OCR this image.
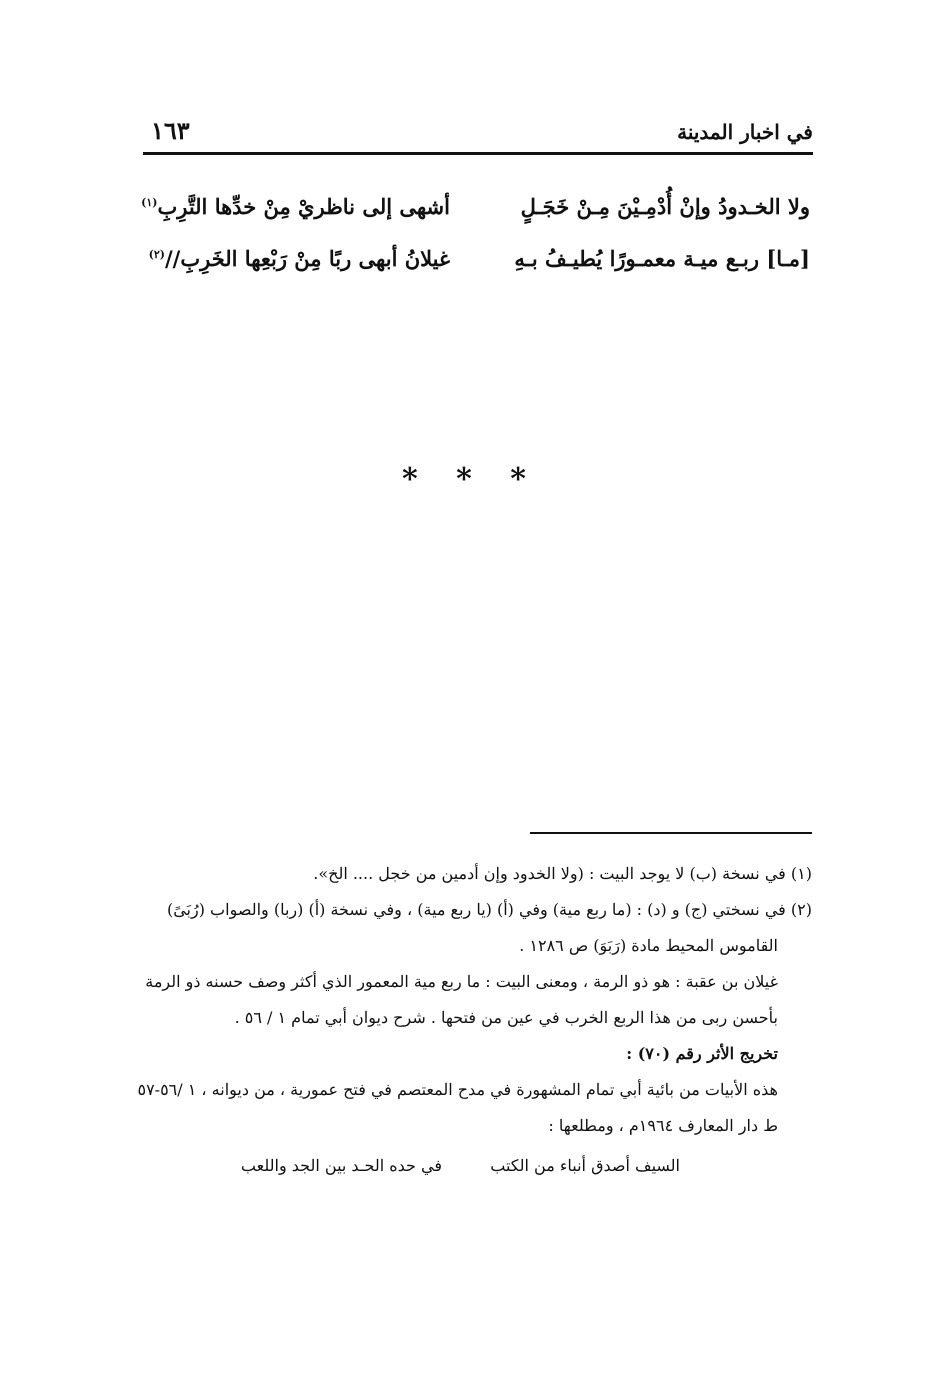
١٦٣	في اخبار المدينة
ولا الخـدودُ وإنْ أُدْمِـيْنَ مِـنْ خَجَـلٍ
أشهى إلى ناظريْ مِنْ خدِّها التَّرِبِ$^{(١)}$
[مـا] ربـع ميـة معمـورًا يُطيـفُ بـهِ
غيلانُ أبهى ربًا مِنْ رَبْعِها الخَرِبِ//$^{(٢)}$
* * *
(١) في نسخة (ب) لا يوجد البيت : (ولا الخدود وإن أدمين من خجل .... الخ».
(٢) في نسختي (ج) و (د) : (ما ربع مية) وفي (أ) (يا ربع مية) ، وفي نسخة (أ) (ربا) والصواب (رُبَىً)
القاموس المحيط مادة (رَبَوَ) ص ١٢٨٦ .
غيلان بن عقبة : هو ذو الرمة ، ومعنى البيت : ما ربع مية المعمور الذي أكثر وصف حسنه ذو الرمة
بأحسن ربى من هذا الربع الخرب في عين من فتحها . شرح ديوان أبي تمام ١ / ٥٦ .
تخريج الأثر رقم (٧٠) :
هذه الأبيات من بائية أبي تمام المشهورة في مدح المعتصم في فتح عمورية ، من ديوانه ، ١ /٥٦-٥٧
ط دار المعارف ١٩٦٤م ، ومطلعها :
السيف أصدق أنباء من الكتب
في حده الحـد بين الجد واللعب
